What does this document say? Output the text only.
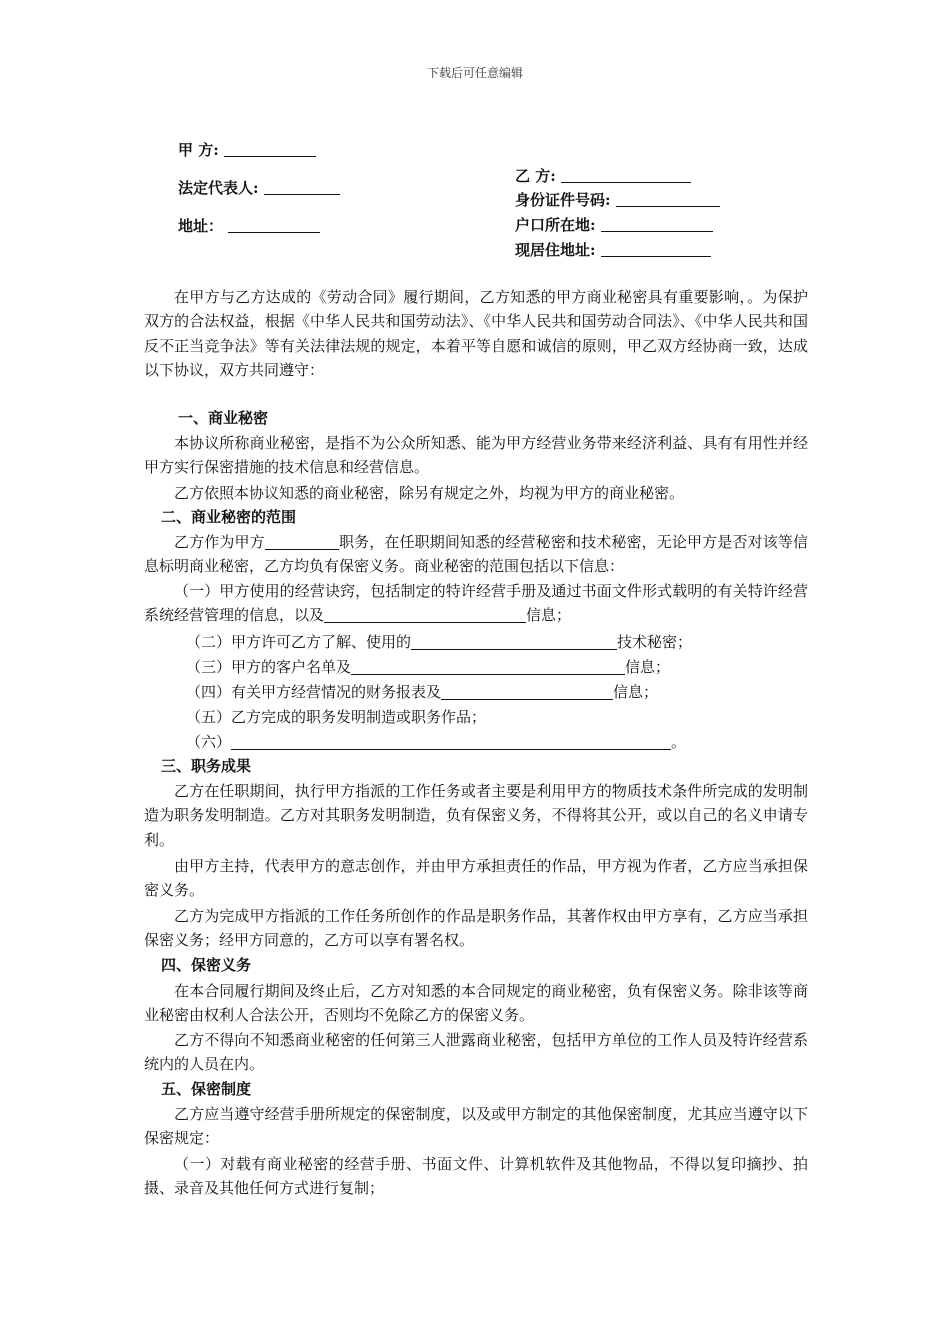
下载后可任意编辑
甲 方:
法定代表人:
地址：
乙 方:
身份证件号码:
户口所在地:
现居住地址:

在甲方与乙方达成的《劳动合同》履行期间，乙方知悉的甲方商业秘密具有重要影响，。为保护双方的合法权益，根据《中华人民共和国劳动法》、《中华人民共和国劳动合同法》、《中华人民共和国反不正当竞争法》等有关法律法规的规定，本着平等自愿和诚信的原则，甲乙双方经协商一致，达成以下协议，双方共同遵守：

一、商业秘密

本协议所称商业秘密，是指不为公众所知悉、能为甲方经营业务带来经济利益、具有有用性并经甲方实行保密措施的技术信息和经营信息。

乙方依照本协议知悉的商业秘密，除另有规定之外，均视为甲方的商业秘密。

二、商业秘密的范围

乙方作为甲方	职务，在任职期间知悉的经营秘密和技术秘密，无论甲方是否对该等信息标明商业秘密，乙方均负有保密义务。商业秘密的范围包括以下信息：

（一）甲方使用的经营诀窍，包括制定的特许经营手册及通过书面文件形式载明的有关特许经营系统经营管理的信息，以及	信息；

（二）甲方许可乙方了解、使用的	技术秘密；

（三）甲方的客户名单及	信息；

（四）有关甲方经营情况的财务报表及	信息；

（五）乙方完成的职务发明制造或职务作品；

（六）	。

三、职务成果

乙方在任职期间，执行甲方指派的工作任务或者主要是利用甲方的物质技术条件所完成的发明制造为职务发明制造。乙方对其职务发明制造，负有保密义务，不得将其公开，或以自己的名义申请专利。

由甲方主持，代表甲方的意志创作，并由甲方承担责任的作品，甲方视为作者，乙方应当承担保密义务。

乙方为完成甲方指派的工作任务所创作的作品是职务作品，其著作权由甲方享有，乙方应当承担保密义务；经甲方同意的，乙方可以享有署名权。

四、保密义务

在本合同履行期间及终止后，乙方对知悉的本合同规定的商业秘密，负有保密义务。除非该等商业秘密由权利人合法公开，否则均不免除乙方的保密义务。

乙方不得向不知悉商业秘密的任何第三人泄露商业秘密，包括甲方单位的工作人员及特许经营系统内的人员在内。

五、保密制度

乙方应当遵守经营手册所规定的保密制度，以及或甲方制定的其他保密制度，尤其应当遵守以下保密规定：

（一）对载有商业秘密的经营手册、书面文件、计算机软件及其他物品，不得以复印摘抄、拍摄、录音及其他任何方式进行复制；
